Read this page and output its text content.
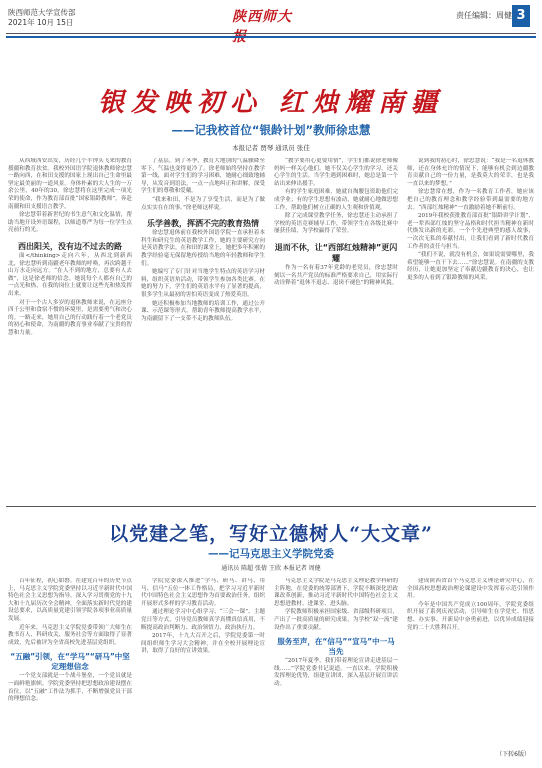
陕西师范大学宣传部
2021年 10月 15日	陕西师大报
责任编辑：周健 3
银发映初心 红烛耀南疆
——记我校首位“银龄计划”教师徐忠慧
本报记者 贾琴 通讯员 张佳

从西域西安出发，历经几个半钟头飞来的教育援疆和教育扶贫。我校外国语学院退休教师徐忠慧一路向西，在和田支援的国家上现出自己生命里最坚定最美丽的一道风景。身体朴素的大人生的一万余公里，40年的30，徐忠慧将在这里完成一项光荣的使命，作为教育部首批“国家银龄教师”，奔赴南疆和田支援语言教学。

徐忠慧带着新世纪的书生意气和文化温情，帮助当地开设外语课程，以师道尊严为每一位学生点亮前行的光。

西出阳关，没有边不过去的路

面</thinking>走向六年，从西北到新西北，徐忠慧听到南疆老年教师的呼唤，再次跨越千山万水走向远方。“在人不到的地方，总要有人去做”，这是徐老师的信念。她说每个人都有自己的一点光和热，在我的岗位上就要让这些光和热发挥出来。

对于一个古人多岁的退休教师来说，在远座分四千公里和食宿不惯的环境里，是需要勇气和决心的。一路走来，她用自己的行动践行着一个老党员的初心和使命，为南疆的教育事业奉献了宝贵的智慧和力量。

了基层，到了冬季，教育大地别的气温骤降至零下，气温也变得更冷了。徐老师始终坚持在教学第一线，面对学生们的学习困难，她耐心细致地辅导，从发音到语法，一点一点地纠正和讲解，深受学生们的尊敬和爱戴。

“我来和田，不是为了享受生活，而是为了做点实实在在的事。”徐老师这样说。

乐学善教，挥洒不完的教育热情

徐忠慧退休前在我校外国语学院一直承担着本科生和研究生的英语教学工作，她的主要研究方向是英语教学法。在和田的课堂上，她把多年积累的教学经验毫无保留地传授给当地的年轻教师和学生们。

她编写了专门针对当地学生特点的英语学习材料，组织英语角活动，带领学生参加各类比赛。在她的努力下，学生们的英语水平有了显著的提高，很多学生从最初的害怕英语变成了热爱英语。

她还积极参加当地教师的培训工作，通过公开课、示范课等形式，帮助青年教师提高教学水平，为南疆留下了一支带不走的教师队伍。

“教学要用心更要用情”，学生们都说徐老师像妈妈一样关心他们。她不仅关心学生的学习，还关心学生的生活。当学生遇到困难时，她总是第一个站出来伸出援手。

有的学生家庭困难，她就自掏腰包资助他们完成学业；有的学生思想有波动，她就耐心地做思想工作，帮助他们树立正确的人生观和价值观。

除了完成课堂教学任务，徐忠慧还主动承担了学校的英语竞赛辅导工作，带领学生在各级比赛中屡获佳绩，为学校赢得了荣誉。

退而不休，让“西部红烛精神”更闪耀

作为一名有着37年党龄的老党员，徐忠慧时刻以一名共产党员的标准严格要求自己，用实际行动诠释着“退休不退志、退岗不褪色”的精神风貌。

说到我的初心时，徐忠慧说：“我是一名退休教师，还在身体允许的情况下，能够有机会到边疆教育贡献自己的一份力量，是我莫大的荣幸，也是我一直以来的梦想。”

徐忠慧常在想，作为一名教育工作者，她应该把自己的教育理念和教学经验带到最需要的地方去。“西部红烛精神”一直激励着她不断前行。

2019年我校获批教育部首批“银龄讲学计划”，老一辈西部红烛的坚守品格和时代担当精神在新时代焕发出新的光彩。一个个先进典型的感人故事，一次次无私的奉献付出，让我们看到了新时代教育工作者的责任与担当。

“我们不说，就没有机会，如果说需要哪里，我希望能够一直干下去……”徐忠慧说。在南疆的支教经历，让她更加坚定了奉献边疆教育的决心，也让更多的人看到了银龄教师的风采。

以党建之笔，写好立德树人“大文章”
——记马克思主义学院党委
通讯员 陈超 张倩 王欣 本报记者 周健

百年征程，初心如磐。在建党百年的历史节点上，马克思主义学院党委坚持以习近平新时代中国特色社会主义思想为指导，深入学习贯彻党的十九大和十九届历次全会精神，全面落实新时代党的建设总要求，以高质量党建引领学院各项事业高质量发展。

近年来，马克思主义学院党委带领广大师生在教书育人、科研攻关、服务社会等方面取得了显著成效，先后被评为全省高校先进基层党组织。

“五融”引领，在“学马”“研马”中坚定理想信念

一个党支部就是一个战斗堡垒，一个党员就是一面鲜艳旗帜。学院党委坚持把思想政治建设摆在首位，以“五融”工作法为抓手，不断增强党员干部的理想信念。

学院党委深入推进“学马、研马、讲马、用马、信马”五位一体工作格局，把学习习近平新时代中国特色社会主义思想作为首要政治任务，组织开展形式多样的学习教育活动。

通过理论学习中心组学习、“三会一课”、主题党日等方式，引导党员教师真学真懂真信真用，不断提高政治判断力、政治领悟力、政治执行力。

2017年，十九大召开之后，学院党委第一时间组织师生学习大会精神，并在全校开展理论宣讲，取得了良好的宣讲效果。

马克思主义学院是马克思主义理论教学科研的主阵地，在党委的统筹部署下，学院不断深化思政课改革创新，推动习近平新时代中国特色社会主义思想进教材、进课堂、进头脑。

学院教师积极承担国家级、省部级科研项目，产出了一批高质量的研究成果，为学校“双一流”建设作出了重要贡献。

服务至声，在“信马”“宣马”中一马当先

“2017年夏季，我们带着理论宣讲走进基层一线……”学院党委书记说道。一直以来，学院积极发挥理论优势，组建宣讲团，深入基层开展宣讲活动。

建成陕西省首个马克思主义理论研究中心，在全国高校思想政治理论课建设中发挥着示范引领作用。

今年是中国共产党成立100周年，学院党委组织开展了系列庆祝活动，引导师生在学党史、悟思想、办实事、开新局中奋勇前进，以优异成绩迎接党的二十大胜利召开。

（下转6版）
